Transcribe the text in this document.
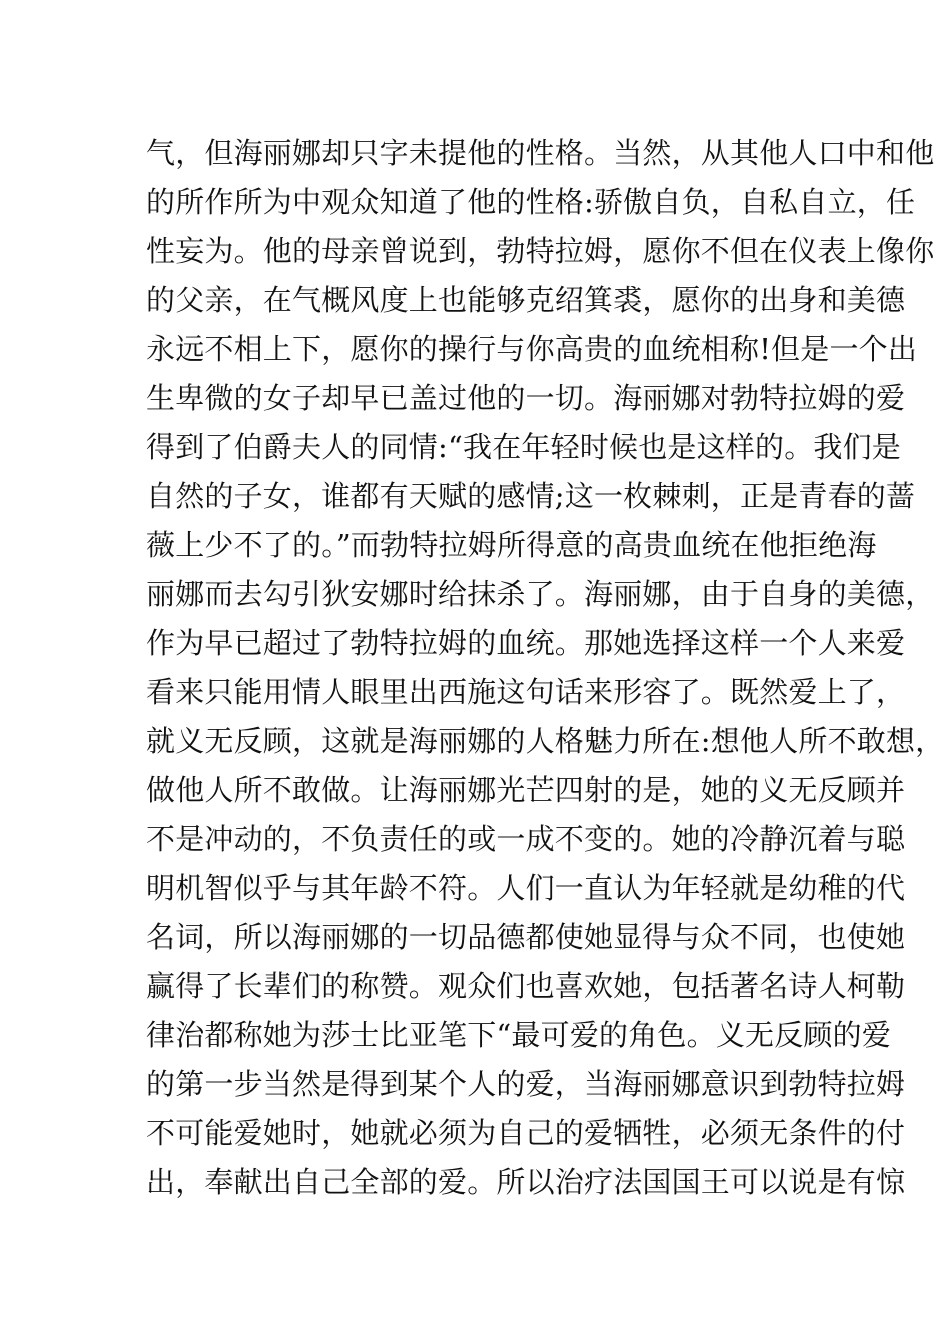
气，但海丽娜却只字未提他的性格。当然，从其他人口中和他
的所作所为中观众知道了他的性格:骄傲自负，自私自立，任
性妄为。他的母亲曾说到，勃特拉姆，愿你不但在仪表上像你
的父亲，在气概风度上也能够克绍箕裘，愿你的出身和美德
永远不相上下，愿你的操行与你高贵的血统相称!但是一个出
生卑微的女子却早已盖过他的一切。海丽娜对勃特拉姆的爱
得到了伯爵夫人的同情:“我在年轻时候也是这样的。我们是
自然的子女，谁都有天赋的感情;这一枚棘刺，正是青春的蔷
薇上少不了的。”而勃特拉姆所得意的高贵血统在他拒绝海
丽娜而去勾引狄安娜时给抹杀了。海丽娜，由于自身的美德，
作为早已超过了勃特拉姆的血统。那她选择这样一个人来爱
看来只能用情人眼里出西施这句话来形容了。既然爱上了，
就义无反顾，这就是海丽娜的人格魅力所在:想他人所不敢想，
做他人所不敢做。让海丽娜光芒四射的是，她的义无反顾并
不是冲动的，不负责任的或一成不变的。她的冷静沉着与聪
明机智似乎与其年龄不符。人们一直认为年轻就是幼稚的代
名词，所以海丽娜的一切品德都使她显得与众不同，也使她
赢得了长辈们的称赞。观众们也喜欢她，包括著名诗人柯勒
律治都称她为莎士比亚笔下“最可爱的角色。义无反顾的爱
的第一步当然是得到某个人的爱，当海丽娜意识到勃特拉姆
不可能爱她时，她就必须为自己的爱牺牲，必须无条件的付
出，奉献出自己全部的爱。所以治疗法国国王可以说是有惊
